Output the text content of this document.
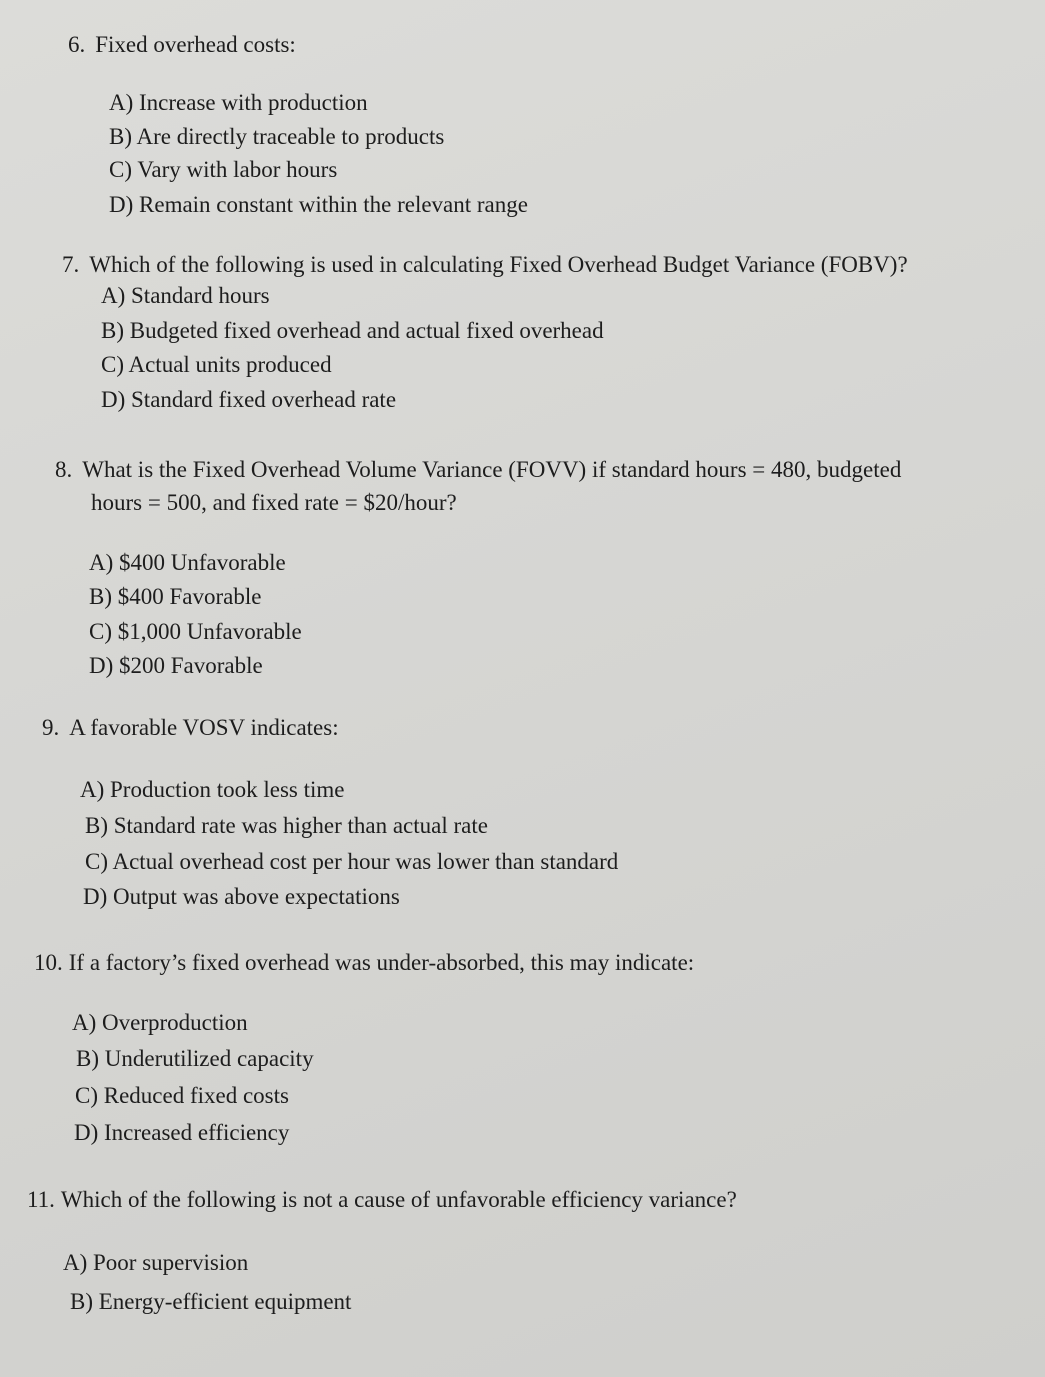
6. Fixed overhead costs:
A) Increase with production
B) Are directly traceable to products
C) Vary with labor hours
D) Remain constant within the relevant range
7. Which of the following is used in calculating Fixed Overhead Budget Variance (FOBV)?
A) Standard hours
B) Budgeted fixed overhead and actual fixed overhead
C) Actual units produced
D) Standard fixed overhead rate
8. What is the Fixed Overhead Volume Variance (FOVV) if standard hours = 480, budgeted
hours = 500, and fixed rate = $20/hour?
A) $400 Unfavorable
B) $400 Favorable
C) $1,000 Unfavorable
D) $200 Favorable
9. A favorable VOSV indicates:
A) Production took less time
B) Standard rate was higher than actual rate
C) Actual overhead cost per hour was lower than standard
D) Output was above expectations
10. If a factory’s fixed overhead was under-absorbed, this may indicate:
A) Overproduction
B) Underutilized capacity
C) Reduced fixed costs
D) Increased efficiency
11. Which of the following is not a cause of unfavorable efficiency variance?
A) Poor supervision
B) Energy-efficient equipment
